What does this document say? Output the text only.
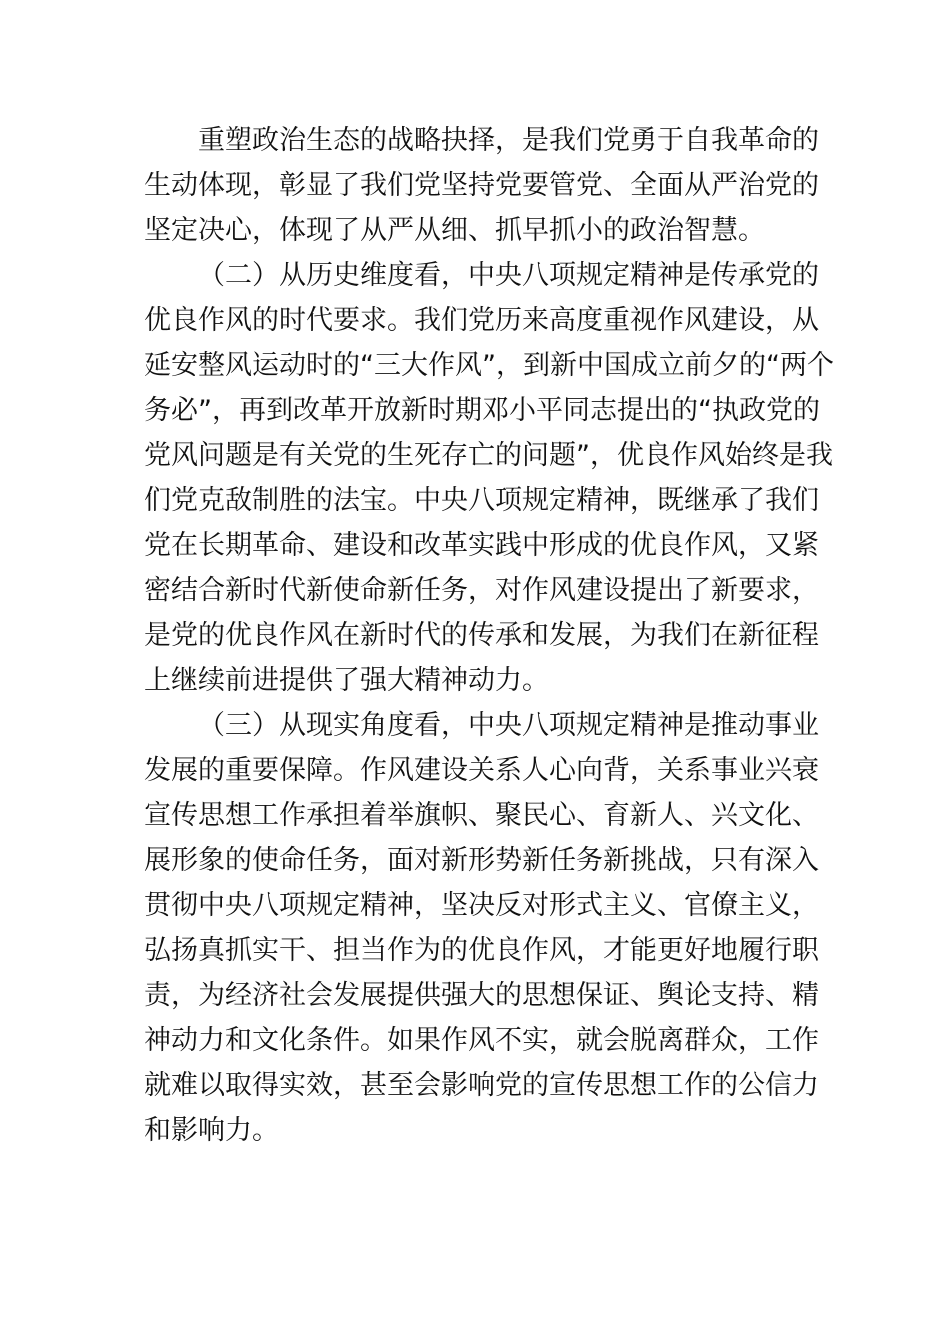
重塑政治生态的战略抉择，是我们党勇于自我革命的
生动体现，彰显了我们党坚持党要管党、全面从严治党的
坚定决心，体现了从严从细、抓早抓小的政治智慧。
（二）从历史维度看，中央八项规定精神是传承党的
优良作风的时代要求。我们党历来高度重视作风建设，从
延安整风运动时的“三大作风”，到新中国成立前夕的“两个
务必”，再到改革开放新时期邓小平同志提出的“执政党的
党风问题是有关党的生死存亡的问题”，优良作风始终是我
们党克敌制胜的法宝。中央八项规定精神，既继承了我们
党在长期革命、建设和改革实践中形成的优良作风，又紧
密结合新时代新使命新任务，对作风建设提出了新要求，
是党的优良作风在新时代的传承和发展，为我们在新征程
上继续前进提供了强大精神动力。
（三）从现实角度看，中央八项规定精神是推动事业
发展的重要保障。作风建设关系人心向背，关系事业兴衰
宣传思想工作承担着举旗帜、聚民心、育新人、兴文化、
展形象的使命任务，面对新形势新任务新挑战，只有深入
贯彻中央八项规定精神，坚决反对形式主义、官僚主义，
弘扬真抓实干、担当作为的优良作风，才能更好地履行职
责，为经济社会发展提供强大的思想保证、舆论支持、精
神动力和文化条件。如果作风不实，就会脱离群众，工作
就难以取得实效，甚至会影响党的宣传思想工作的公信力
和影响力。
